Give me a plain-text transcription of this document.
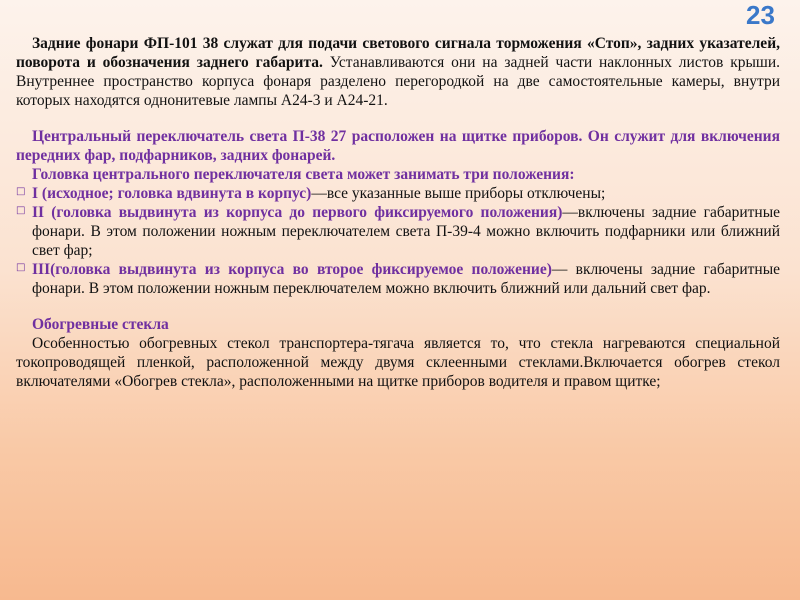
23

Задние фонари ФП-101 38 служат для подачи светового сигнала торможения «Стоп», задних указателей, поворота и обозначения заднего габарита. Устанавливаются они на задней части наклонных листов крыши. Внутреннее пространство корпуса фонаря разделено перегородкой на две самостоятельные камеры, внутри которых находятся однонитевые лампы А24-3 и А24-21.

Центральный переключатель света П-38 27 расположен на щитке приборов. Он служит для включения передних фар, подфарников, задних фонарей.

Головка центрального переключателя света может занимать три положения:

□

I (исходное; головка вдвинута в корпус)—все указанные выше приборы отключены;

□

II (головка выдвинута из корпуса до первого фиксируемого положения)—включены задние габаритные фонари. В этом положении ножным переключателем света П-39-4 можно включить подфарники или ближний свет фар;

□

III(головка выдвинута из корпуса во второе фиксируемое положение)— включены задние габаритные фонари. В этом положении ножным переключателем можно включить ближний или дальний свет фар.

Обогревные стекла

Особенностью обогревных стекол транспортера-тягача является то, что стекла нагреваются специальной токопроводящей пленкой, расположенной между двумя склеенными стеклами.Включается обогрев стекол включателями «Обогрев стекла», расположенными на щитке приборов водителя и правом щитке;
